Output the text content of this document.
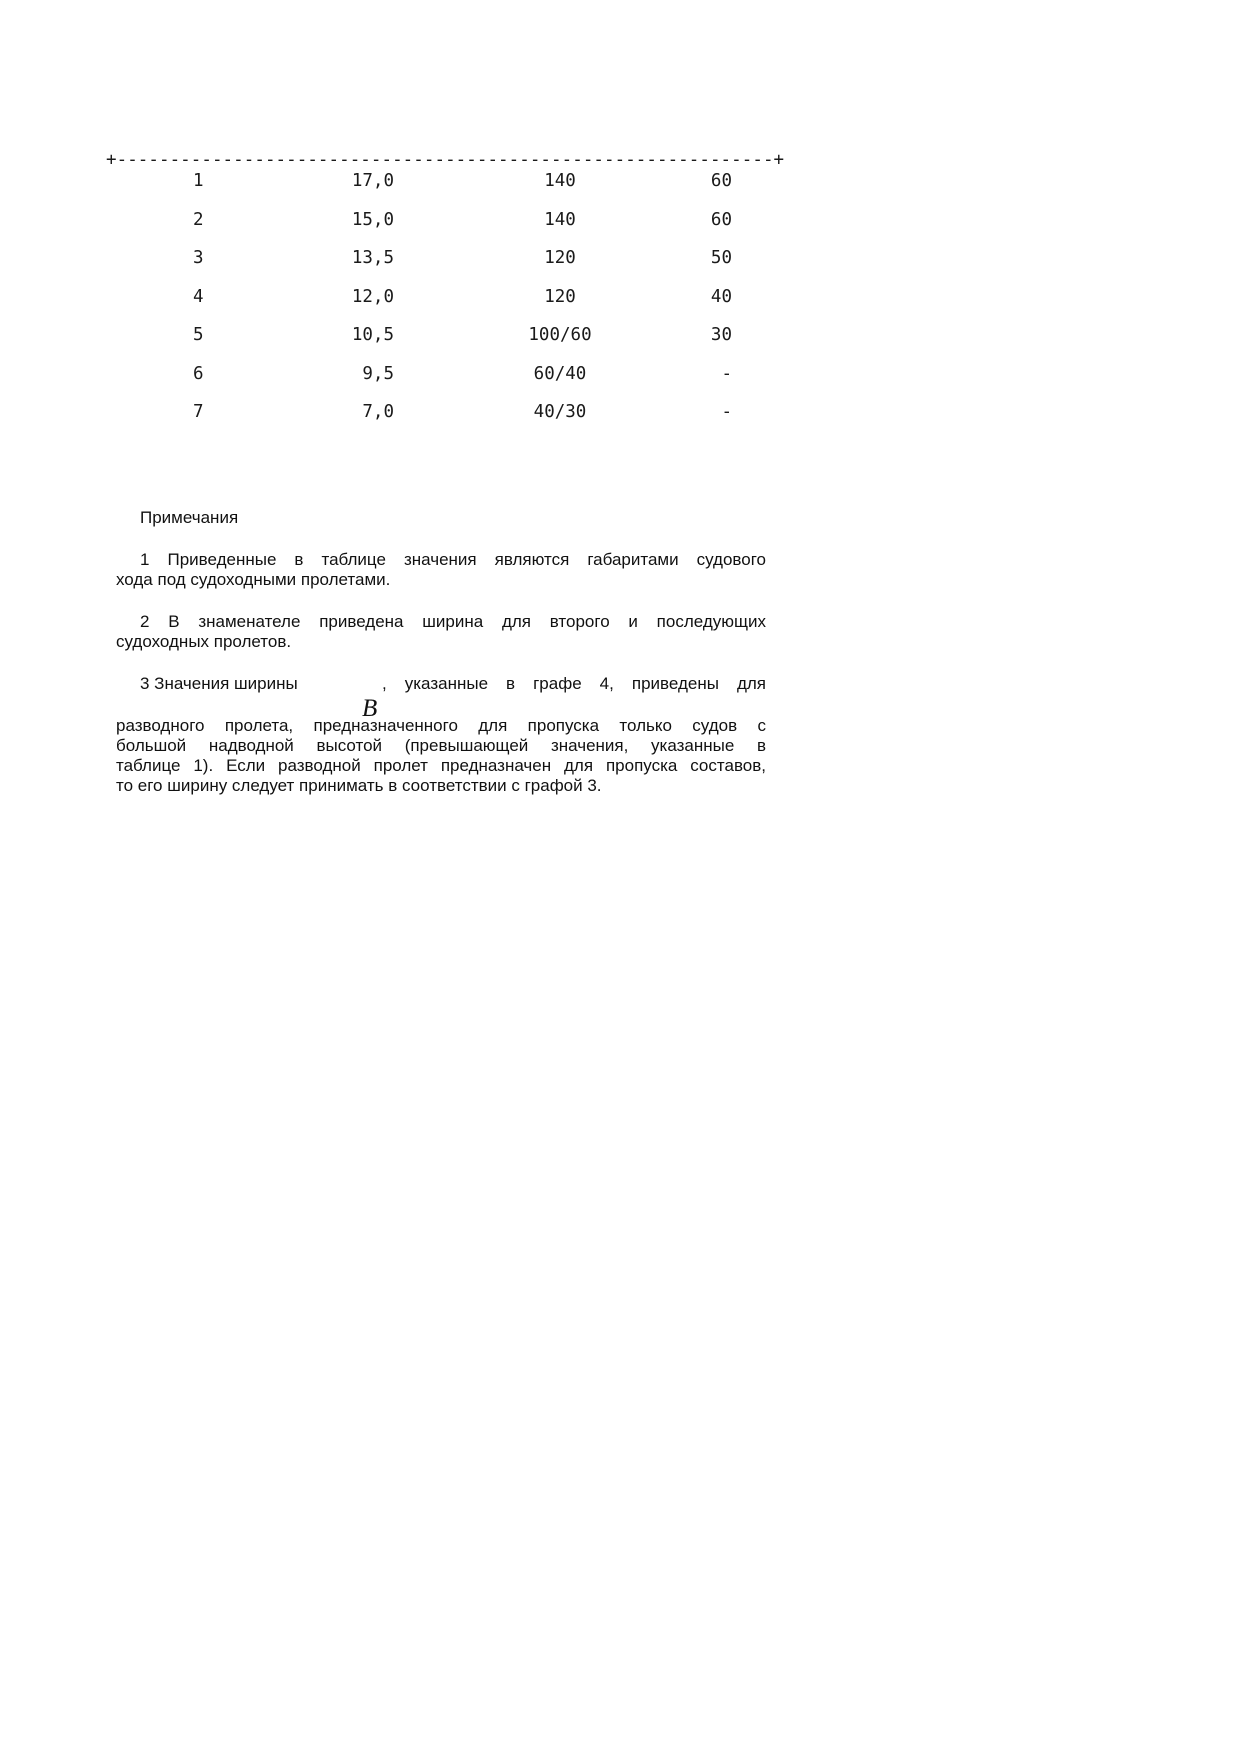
+--------------------------------------------------------------+
1	17,0	140	60
2	15,0	140	60
3	13,5	120	50
4	12,0	120	40
5	10,5	100/60	30
6	9,5	60/40	-
7	7,0	40/30	-
Примечания
1 Приведенные в таблице значения являются габаритами судового
хода под судоходными пролетами.
2 В знаменателе приведена ширина для второго и последующих
судоходных пролетов.
3 Значения ширины	, указанные в графе 4, приведены для
B
разводного пролета, предназначенного для пропуска только судов с
большой надводной высотой (превышающей значения, указанные в
таблице 1). Если разводной пролет предназначен для пропуска составов,
то его ширину следует принимать в соответствии с графой 3.
